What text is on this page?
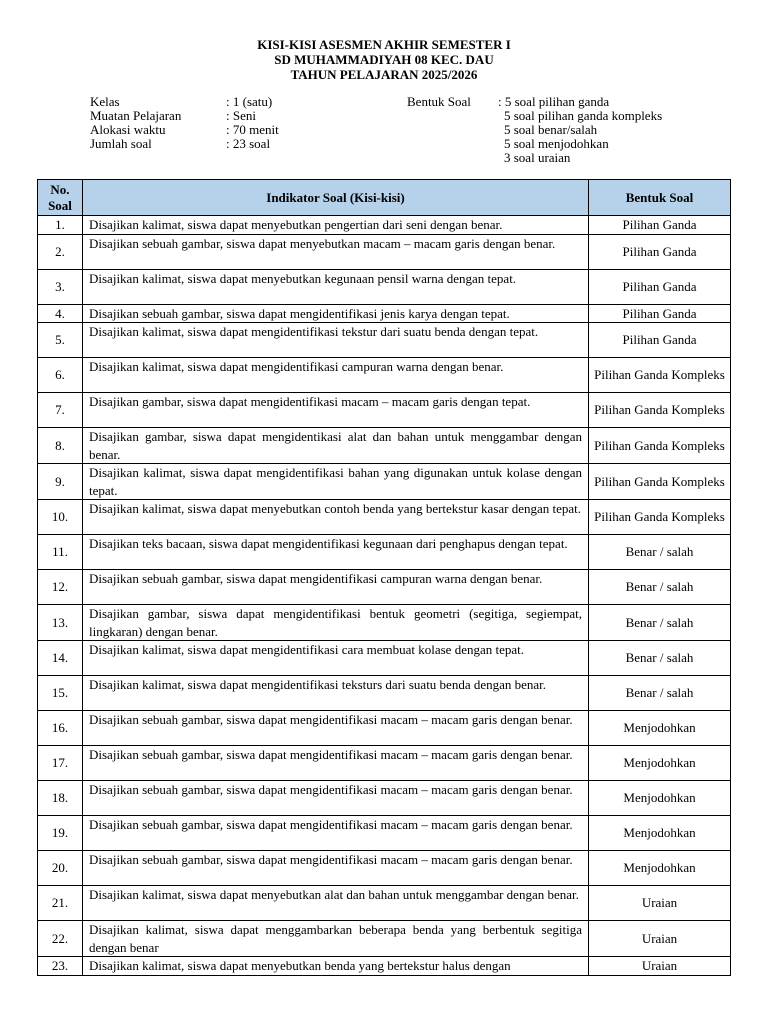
KISI-KISI ASESMEN AKHIR SEMESTER I
SD MUHAMMADIYAH 08 KEC. DAU
TAHUN PELAJARAN 2025/2026
Kelas	: 1 (satu)
Muatan Pelajaran	: Seni
Alokasi waktu	: 70 menit
Jumlah soal	: 23 soal
Bentuk Soal : 5 soal pilihan ganda
5 soal pilihan ganda kompleks
5 soal benar/salah
5 soal menjodohkan
3 soal uraian
No. Soal	Indikator Soal (Kisi-kisi)	Bentuk Soal
1.	Disajikan kalimat, siswa dapat menyebutkan pengertian dari seni dengan benar.	Pilihan Ganda
2.	Disajikan sebuah gambar, siswa dapat menyebutkan macam – macam garis dengan benar.	Pilihan Ganda
3.	Disajikan kalimat, siswa dapat menyebutkan kegunaan pensil warna dengan tepat.	Pilihan Ganda
4.	Disajikan sebuah gambar, siswa dapat mengidentifikasi jenis karya dengan tepat.	Pilihan Ganda
5.	Disajikan kalimat, siswa dapat mengidentifikasi tekstur dari suatu benda dengan tepat.	Pilihan Ganda
6.	Disajikan kalimat, siswa dapat mengidentifikasi campuran warna dengan benar.	Pilihan Ganda Kompleks
7.	Disajikan gambar, siswa dapat mengidentifikasi macam – macam garis dengan tepat.	Pilihan Ganda Kompleks
8.	Disajikan gambar, siswa dapat mengidentikasi alat dan bahan untuk menggambar dengan benar.	Pilihan Ganda Kompleks
9.	Disajikan kalimat, siswa dapat mengidentifikasi bahan yang digunakan untuk kolase dengan tepat.	Pilihan Ganda Kompleks
10.	Disajikan kalimat, siswa dapat menyebutkan contoh benda yang bertekstur kasar dengan tepat.	Pilihan Ganda Kompleks
11.	Disajikan teks bacaan, siswa dapat mengidentifikasi kegunaan dari penghapus dengan tepat.	Benar / salah
12.	Disajikan sebuah gambar, siswa dapat mengidentifikasi campuran warna dengan benar.	Benar / salah
13.	Disajikan gambar, siswa dapat mengidentifikasi bentuk geometri (segitiga, segiempat, lingkaran) dengan benar.	Benar / salah
14.	Disajikan kalimat, siswa dapat mengidentifikasi cara membuat kolase dengan tepat.	Benar / salah
15.	Disajikan kalimat, siswa dapat mengidentifikasi teksturs dari suatu benda dengan benar.	Benar / salah
16.	Disajikan sebuah gambar, siswa dapat mengidentifikasi macam – macam garis dengan benar.	Menjodohkan
17.	Disajikan sebuah gambar, siswa dapat mengidentifikasi macam – macam garis dengan benar.	Menjodohkan
18.	Disajikan sebuah gambar, siswa dapat mengidentifikasi macam – macam garis dengan benar.	Menjodohkan
19.	Disajikan sebuah gambar, siswa dapat mengidentifikasi macam – macam garis dengan benar.	Menjodohkan
20.	Disajikan sebuah gambar, siswa dapat mengidentifikasi macam – macam garis dengan benar.	Menjodohkan
21.	Disajikan kalimat, siswa dapat menyebutkan alat dan bahan untuk menggambar dengan benar.	Uraian
22.	Disajikan kalimat, siswa dapat menggambarkan beberapa benda yang berbentuk segitiga dengan benar	Uraian
23.	Disajikan kalimat, siswa dapat menyebutkan benda yang bertekstur halus dengan	Uraian
